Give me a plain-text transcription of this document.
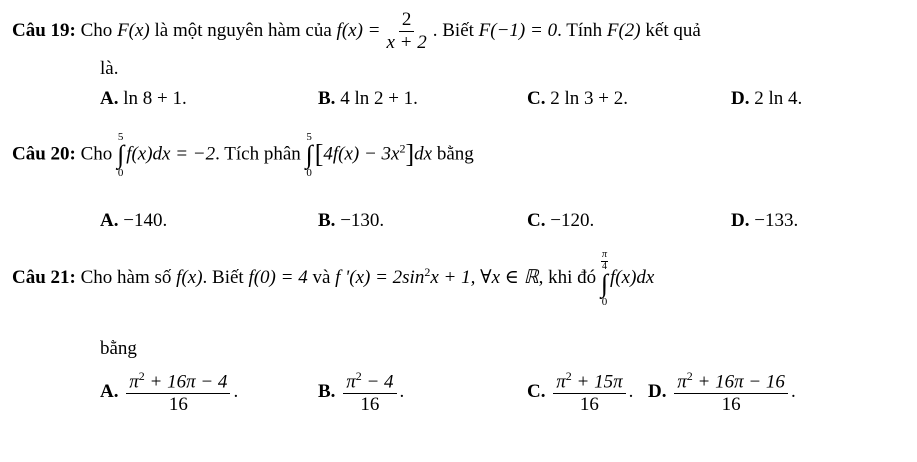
Câu 19: Cho F(x) là một nguyên hàm của $f(x) = \frac{2}{x + 2}$ . Biết F(−1) = 0. Tính F(2) kết quả
là.
A. ln 8 + 1.	B. 4 ln 2 + 1.	C. 2 ln 3 + 2.	D. 2 ln 4.
Câu 20: Cho
5
∫
0
f(x)dx = −2. Tích phân
5
∫
0
$[4f(x) - 3x^2]dx$ bằng
A. −140.	B. −130.	C. −120.	D. −133.
Câu 21: Cho hàm số f(x). Biết f(0) = 4 và f '$(x) = 2\sin^2x + 1$, ∀x ∈ ℝ, khi đó
$\frac{\pi}{4}$
∫
0
f(x)dx
bằng
A. $\frac{\pi^2 + 16\pi - 4}{16}$ .	B. $\frac{\pi^2 - 4}{16}$ .	C. $\frac{\pi^2 + 15\pi}{16}$ . D. $\frac{\pi^2 + 16\pi - 16}{16}$ .
